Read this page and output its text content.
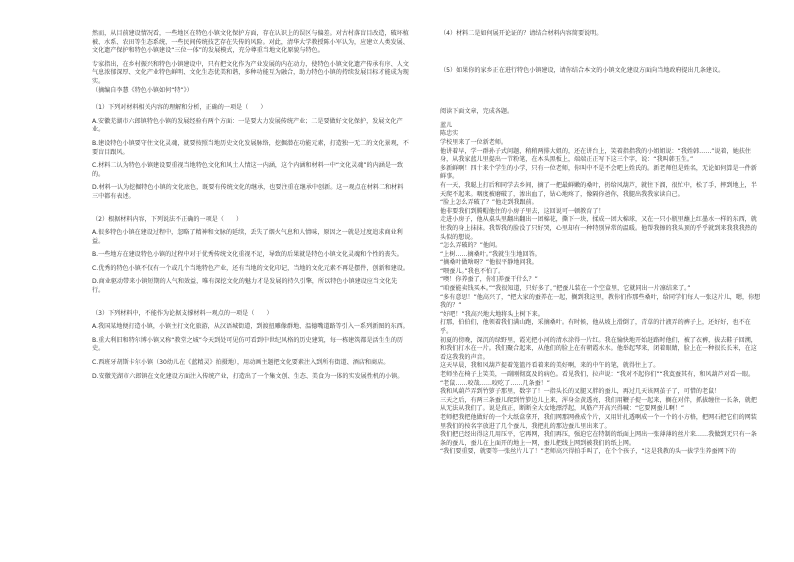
然而，从目前建设情况看，一些地区在特色小镇文化保护方面，存在认识上的误区与偏差。对古村落盲目改造，破坏植被、水系、农田等生态系统，一些民间传统技艺存在失传的风险。对此，清华大学教授陈小军认为，应建立人类发展、文化遗产保护和特色小镇建设“三位一体”的发展模式，充分尊重当地文化原貌与特色。

专家指出，在乡村振兴和特色小镇建设中，只有把文化作为产业发展的内在动力，使特色小镇文化遗产传承有序、人文气息浓郁深厚、文化产业特色鲜明、文化生态优美和谐，多种功能互为融合，助力特色小镇的持续发展目标才能成为现实。

（摘编自李慧《特色小镇如何“特”》）

（1）下列对材料相关内容的理解和分析，正确的一项是（　　）

A.安徽芜湖市六郎镇特色小镇的发展经验有两个方面：一是要大力发展传统产业；二是要做好文化保护，发展文化产业。

B.建设特色小镇要守住文化灵魂，就要按照当地历史文化发展脉络，挖掘潜在功能元素，打造独一无二的文化景观，不要盲目跟风。

C.材料二认为特色小镇建设要重视当地特色文化和风土人情这一内涵，这个内涵和材料一中“文化灵魂”的内涵是一致的。

D.材料一认为挖掘特色小镇的文化底色，既要有传统文化的继承，也要注重在继承中创新。这一观点在材料二和材料三中都有表述。

（2）根据材料内容，下列说法不正确的一项是（　　）

A.很多特色小镇在建设过程中，忽略了精神和文脉的延续，丢失了烟火气息和人情味，原因之一就是过度追求商业利益。

B.一些地方在建设特色小镇的过程中对于优秀传统文化重视不足，导致的后果就是特色小镇文化灵魂和个性的丧失。

C.优秀的特色小镇不仅有一个或几个当地特色产业，还有当地的文化印记，当地的文化元素不再是摆件，创新和建设。

D.商业驱动带来小镇短期的人气和效益，唯有深挖文化的魅力才是发展的持久引擎，所以特色小镇建设应当文化先行。

（3）下列材料中，不能作为论据支撑材料一观点的一项是（　　）

A.我国某地便打造小镇，小镇主打文化旅游，从汉语城街道，到渡扭雕像群地、温德嘴道路等引入一系列新图的东西。

B.重大利旧和特尔博小镇又称“教堂之城”今天到处可见仿可看到中世纪风格的历史建筑，每一栋建筑都是活生生的历史。

C.西班牙胡斯卡尔小镇（30幼儿在《蓝精灵》拍摄地），用动画主题把文化要素注入到所有街道、酒店和商店。

D.安徽芜湖市六郎镇在文化建设方面注入传统产业，打造出了一个集文创、生态、美食为一体的实发展性机的小镇。

（4）材料二是如何展开论证的？请结合材料内容简要说明。

（5）如果你的家乡正在进行特色小镇建设，请你结合本文的小镇文化建设方面向当地政府提出几条建议。

阅读下面文章，完成各题。

蓝儿

陈忠实

学校里来了一位新老师。

他讲着早，学一群孙子式问题，稍稍两排大姐的，还在讲台上，笑着指指我的小姐姐说：“我姓韩……”说着，她扶住身，从我家蓝儿里提出一节粉笔，在木头黑板上，端端正正写下这三个字，说：“我叫韩玉生。”

多新鲜啊！四十来个学生的小学，只有一位老师，你叫中不是不会吧上姓氏的。新老师但是姓名，无论如何算是一件新鲜事。

有一天，我聪上打后和同学去乡间，摘了一把最鲜嫩的桑叶，扔给风葫芦，就往下溜，很忙中，松了手，摔到地上，半天爬不起来。咽度被磨破了，渗出血了，钻心地疼了，像隔你爸你，我腿出我我家读自己。

“脸上怎么弄破了？”他走到我跟前。

他非要我们到腾帽他住的小房子里去，这回说可一顿教育了！

走进小房子，他从桌头里翻出翻出一团棉花，撕下一块，揉成一团大棉球，又在一只小瓶里蘸上红墨水一样的东西，就往我的身上抹抹。我帮我的脸没了只好哭，心里却有一种特别异常的温暖。他帮我擦的我头顶的乎乎就到来我我我热的头似的想说。

“怎么弄破的？”他问。

“上树……摘桑叶。”我就生生地回答。

“摘桑叶做啥呀？”他很平静地问我。

“喂蚕儿。”我也不怕了。

“噢！你养蚕了，你们养蚕干什么？”

“咱蚕能卖钱买本。”“我很知道，只好多了，”把蚕儿装在一个空盒里，它就同出一片凛结来了。”

“多有意思！”他高兴了，“把大家的蚕养在一起，搁到我这里，教你们作那些桑叶，给同学们每人一张这片儿，嗯，你想我的？”

“好吧！”我高兴地大地将头上树下来。

打那，伯伯们，他领着我们满山跑，采摘桑叶。有时候，他从坡上滑倒了，青草的汁液弄的裤子上，还好好，也不在乎。

初夏的傍晚，深沉的绿野里，霞光把小河的清水涂得一片红。我在愉快地开始赶路时他们，被了衣裤，拔去鞋子回溯，和我们打水在一片。我们聚合起来，从他们的脸上在有朝霞水水。他举起琴来，闭着眼睛，脸上在一种很长长米，在这看这我我的声音。

这天早晨，我和风葫芦提着笼篮丹看着来的美好啊，来的中午的笔，就得往上了。

老师坐在椅子上笑美，一副刚彻寞及的病色。看见我们，拉声说：“我对不起你们”“我寞蚕其有，和风葫芦对看一眼。

“老鼠……咬哉……咬吃了……几条蚕！”

我和风葫芦弄到竹箩子那里，数字了！一指头长的叉腿又胖的蚕儿，再过几天该网茧子了，可惜的老鼠！

三天之后，有两三条蚕儿爬到竹箩边儿上来，浑身金黄透亮，我们用鞭子捉一起来，搁在对伴，抓拔缠住一长条，就把从无法从我们了。说是真正，断断全大女地漂浮起，风筋产开高兴得喊：“它要网蚕儿啊！”

老师把我把他做好的一个大纸盒拿开，我们网那网叠成个片，又用针扎透啊成一个一个的小方格，把网石把它们的网装里我们的按名字放进了几个蚕儿，我把扎的那边蚕儿里出来了。

我们把已经出得这几用压平，它再网，我们再压，强迫它在特制的纸面上网出一张薄薄的丝片来……我做到无只有一条条的蚕儿，蚕儿在上面开的地上一网，蚕儿把线上网到被我们的纸上网。

“我们要重要，就要等一张丝片儿了！”老师高兴得拍手叫了，在个个孩子，“这是我教的头一拔学生养蚕网下的
